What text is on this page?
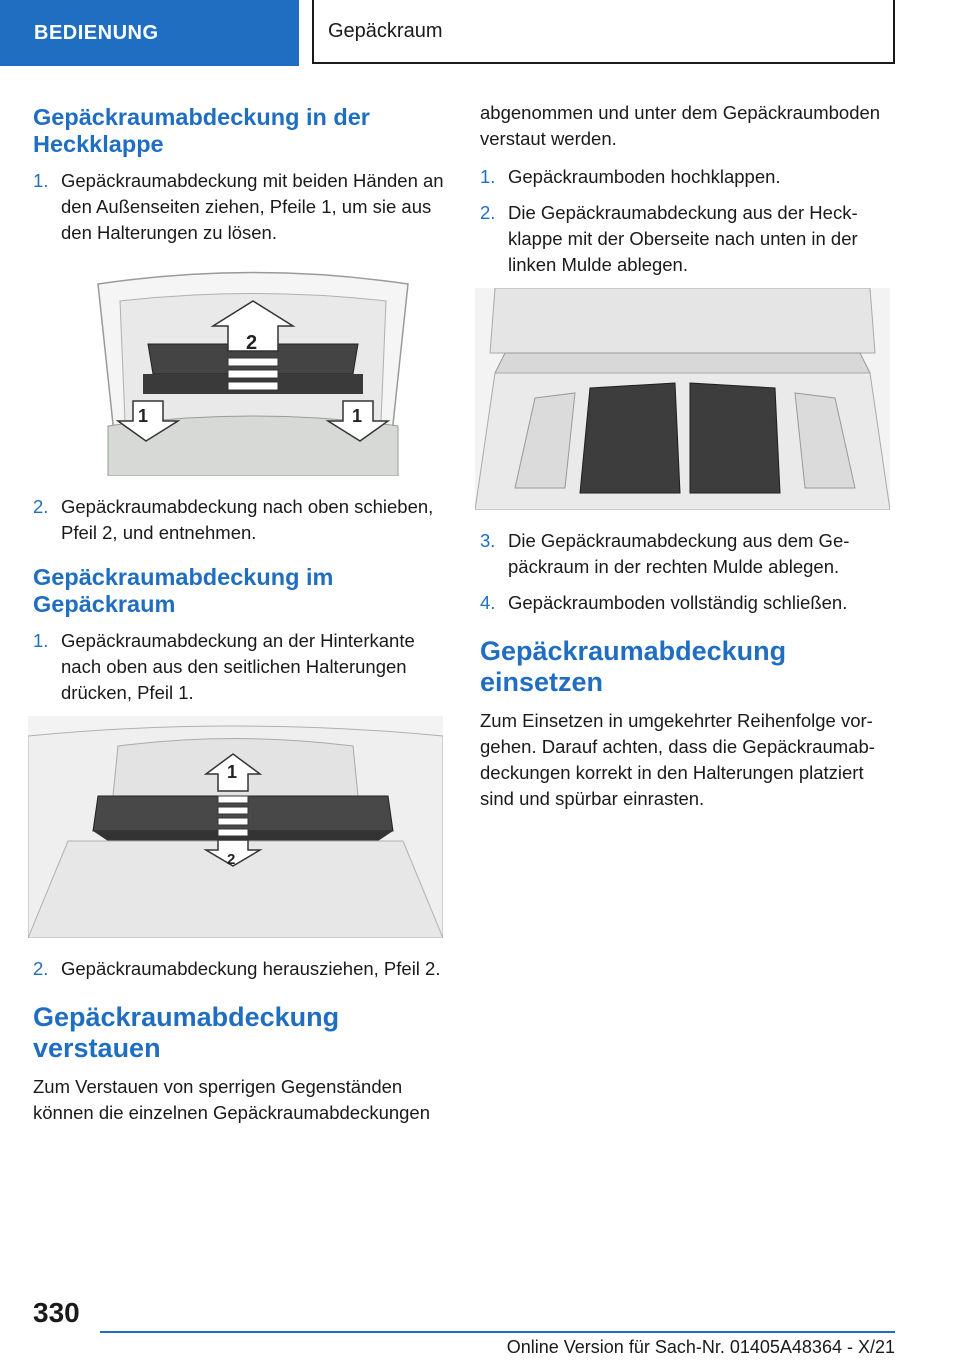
BEDIENUNG	Gepäckraum
Gepäckraumabdeckung in der Heckklappe
1. Gepäckraumabdeckung mit beiden Händen an den Außenseiten ziehen, Pfeile 1, um sie aus den Halterungen zu lösen.
2
1	1
2. Gepäckraumabdeckung nach oben schieben, Pfeil 2, und entnehmen.
Gepäckraumabdeckung im Gepäckraum
1. Gepäckraumabdeckung an der Hinterkante nach oben aus den seitlichen Halterungen drücken, Pfeil 1.
1
2
2. Gepäckraumabdeckung herausziehen, Pfeil 2.
Gepäckraumabdeckung verstauen

Zum Verstauen von sperrigen Gegenständen können die einzelnen Gepäckraumabdeckungen

abgenommen und unter dem Gepäckraumboden verstaut werden.

1. Gepäckraumboden hochklappen.
2. Die Gepäckraumabdeckung aus der Heckklappe mit der Oberseite nach unten in der linken Mulde ablegen.
3. Die Gepäckraumabdeckung aus dem Gepäckraum in der rechten Mulde ablegen.
4. Gepäckraumboden vollständig schließen.
Gepäckraumabdeckung einsetzen

Zum Einsetzen in umgekehrter Reihenfolge vorgehen. Darauf achten, dass die Gepäckraumabdeckungen korrekt in den Halterungen platziert sind und spürbar einrasten.

330
Online Version für Sach-Nr. 01405A48364 - X/21
